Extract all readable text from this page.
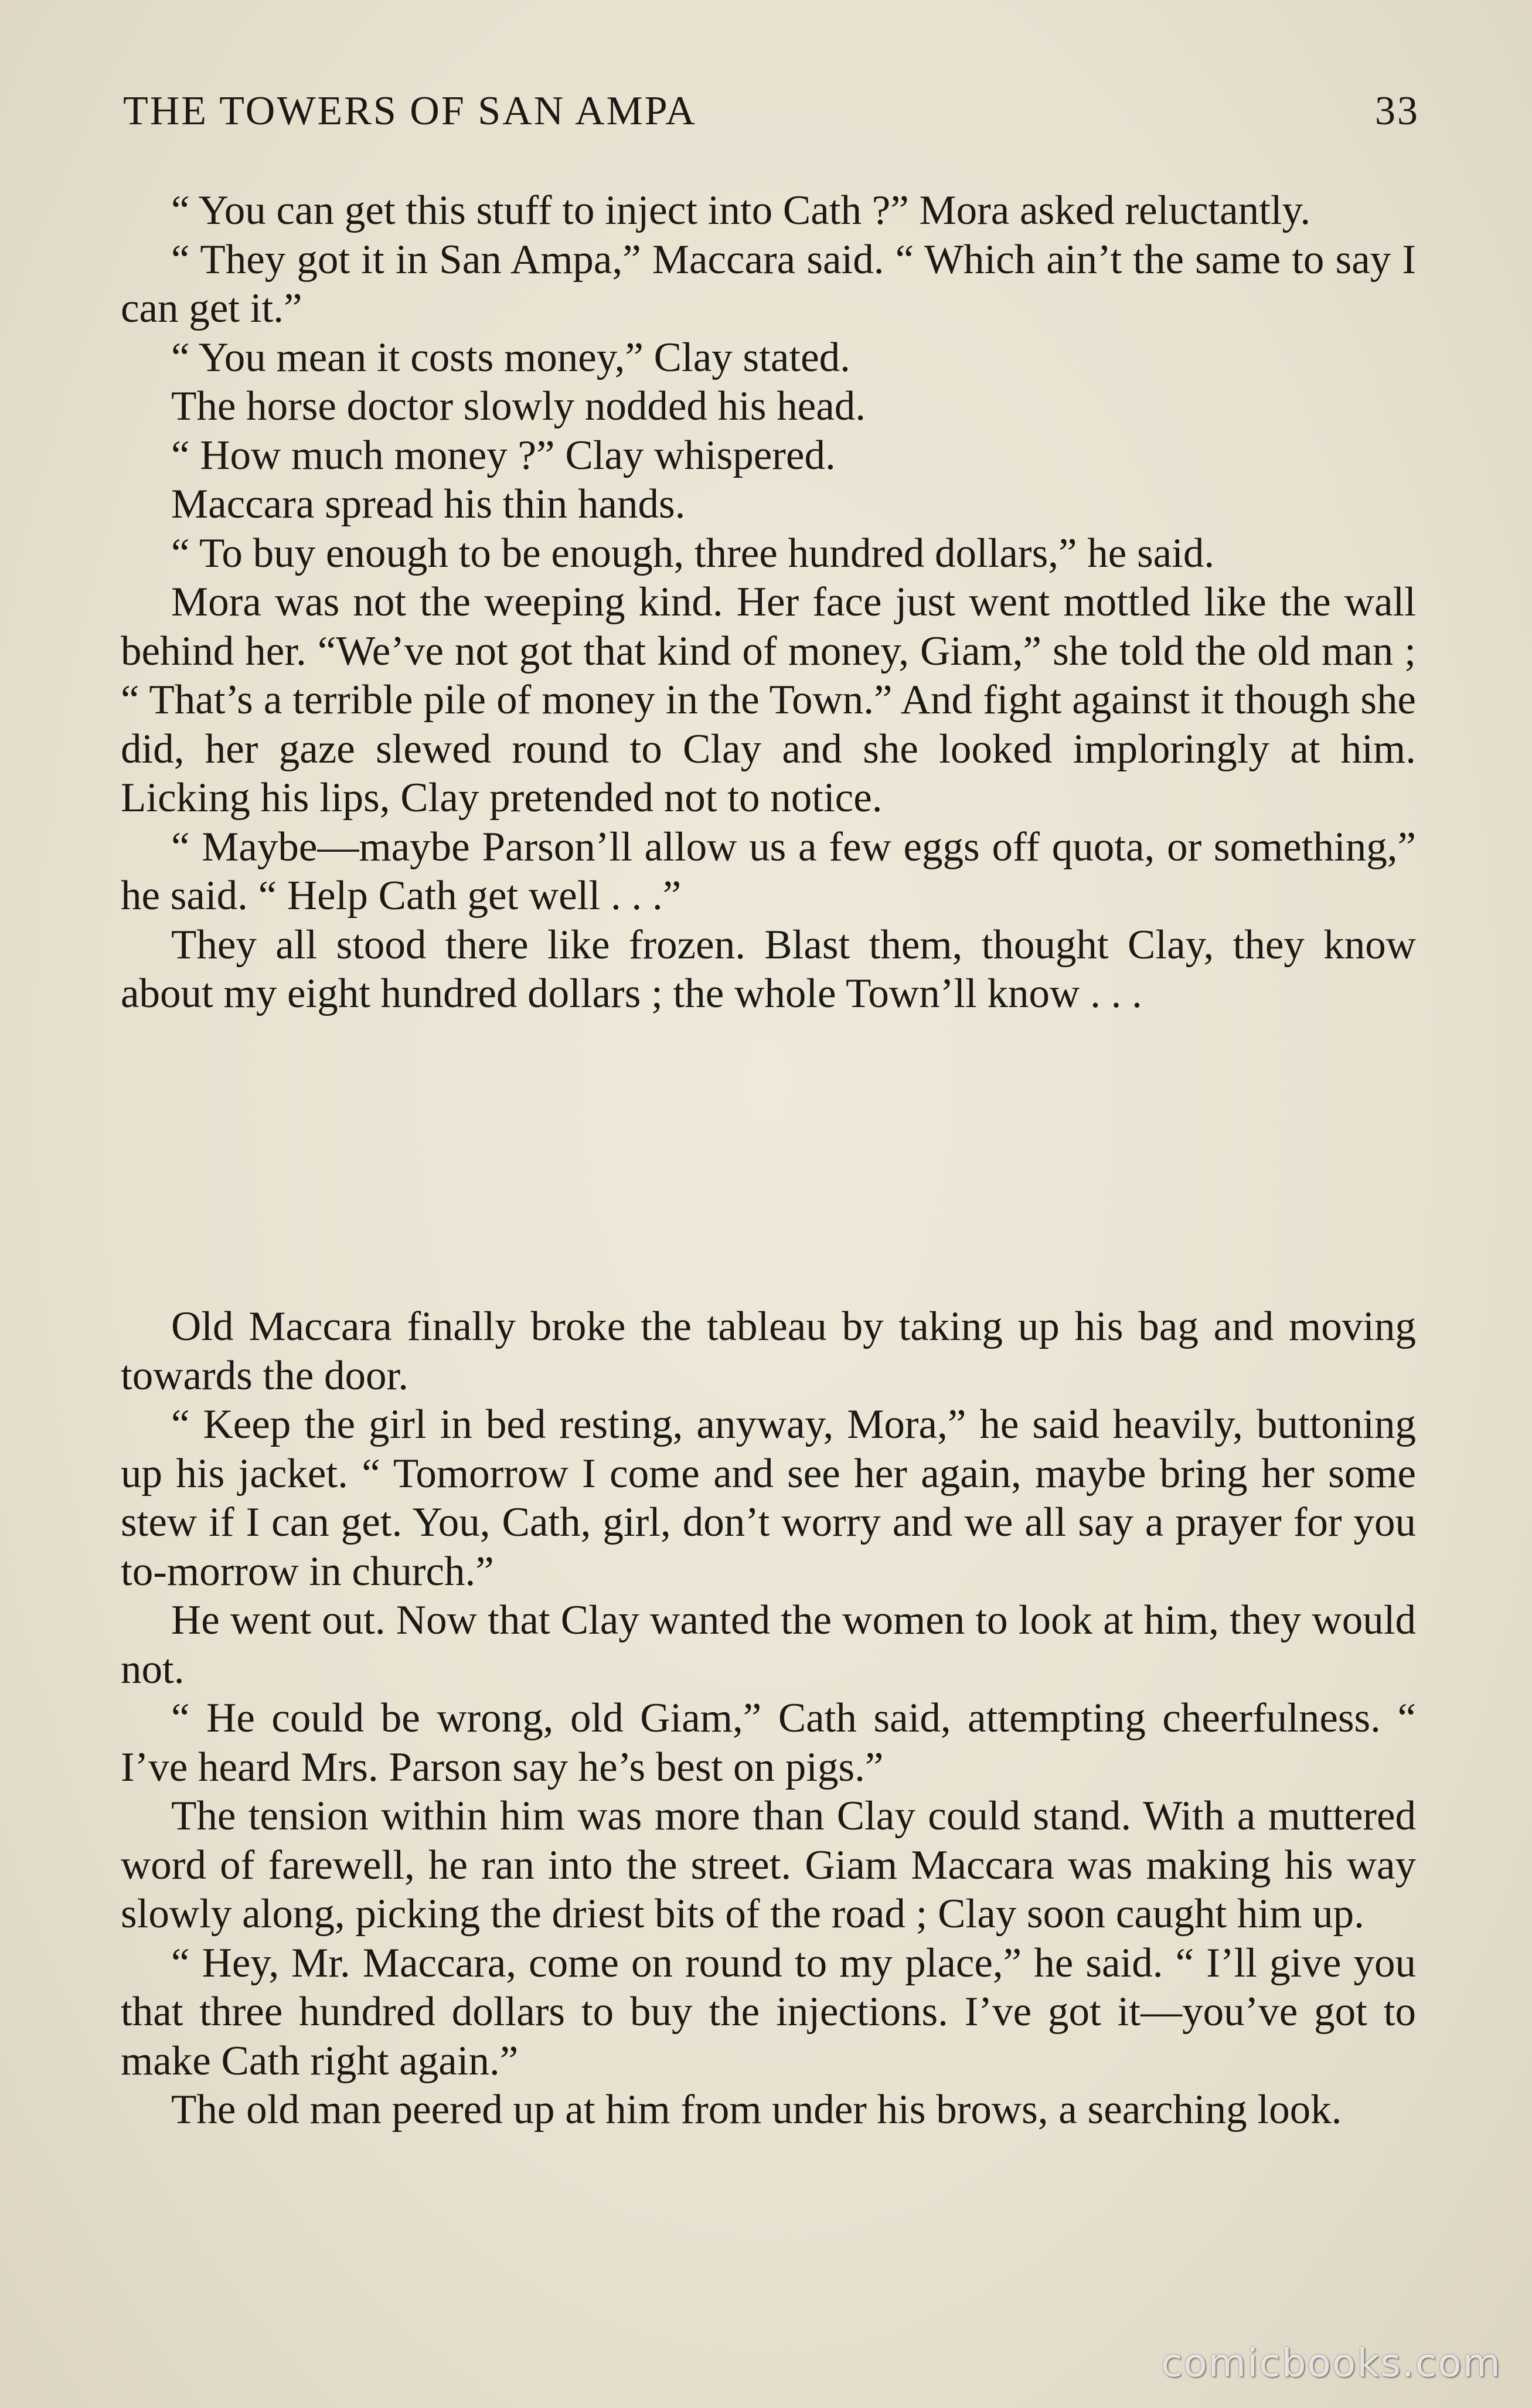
THE TOWERS OF SAN AMPA	33

“ You can get this stuff to inject into Cath ?” Mora asked reluctantly.

“ They got it in San Ampa,” Maccara said. “ Which ain’t the same to say I can get it.”

“ You mean it costs money,” Clay stated.

The horse doctor slowly nodded his head.

“ How much money ?” Clay whispered.

Maccara spread his thin hands.

“ To buy enough to be enough, three hundred dollars,” he said.

Mora was not the weeping kind. Her face just went mottled like the wall behind her. “We’ve not got that kind of money, Giam,” she told the old man ; “ That’s a terrible pile of money in the Town.” And fight against it though she did, her gaze slewed round to Clay and she looked imploringly at him. Licking his lips, Clay pretended not to notice.

“ Maybe—maybe Parson’ll allow us a few eggs off quota, or something,” he said. “ Help Cath get well . . .”

They all stood there like frozen. Blast them, thought Clay, they know about my eight hundred dollars ; the whole Town’ll know . . .

Old Maccara finally broke the tableau by taking up his bag and moving towards the door.

“ Keep the girl in bed resting, anyway, Mora,” he said heavily, buttoning up his jacket. “ Tomorrow I come and see her again, maybe bring her some stew if I can get. You, Cath, girl, don’t worry and we all say a prayer for you to-morrow in church.”

He went out. Now that Clay wanted the women to look at him, they would not.

“ He could be wrong, old Giam,” Cath said, attempting cheerfulness. “ I’ve heard Mrs. Parson say he’s best on pigs.”

The tension within him was more than Clay could stand. With a muttered word of farewell, he ran into the street. Giam Maccara was making his way slowly along, picking the driest bits of the road ; Clay soon caught him up.

“ Hey, Mr. Maccara, come on round to my place,” he said. “ I’ll give you that three hundred dollars to buy the injections. I’ve got it—you’ve got to make Cath right again.”

The old man peered up at him from under his brows, a searching look.

comicbooks.com
